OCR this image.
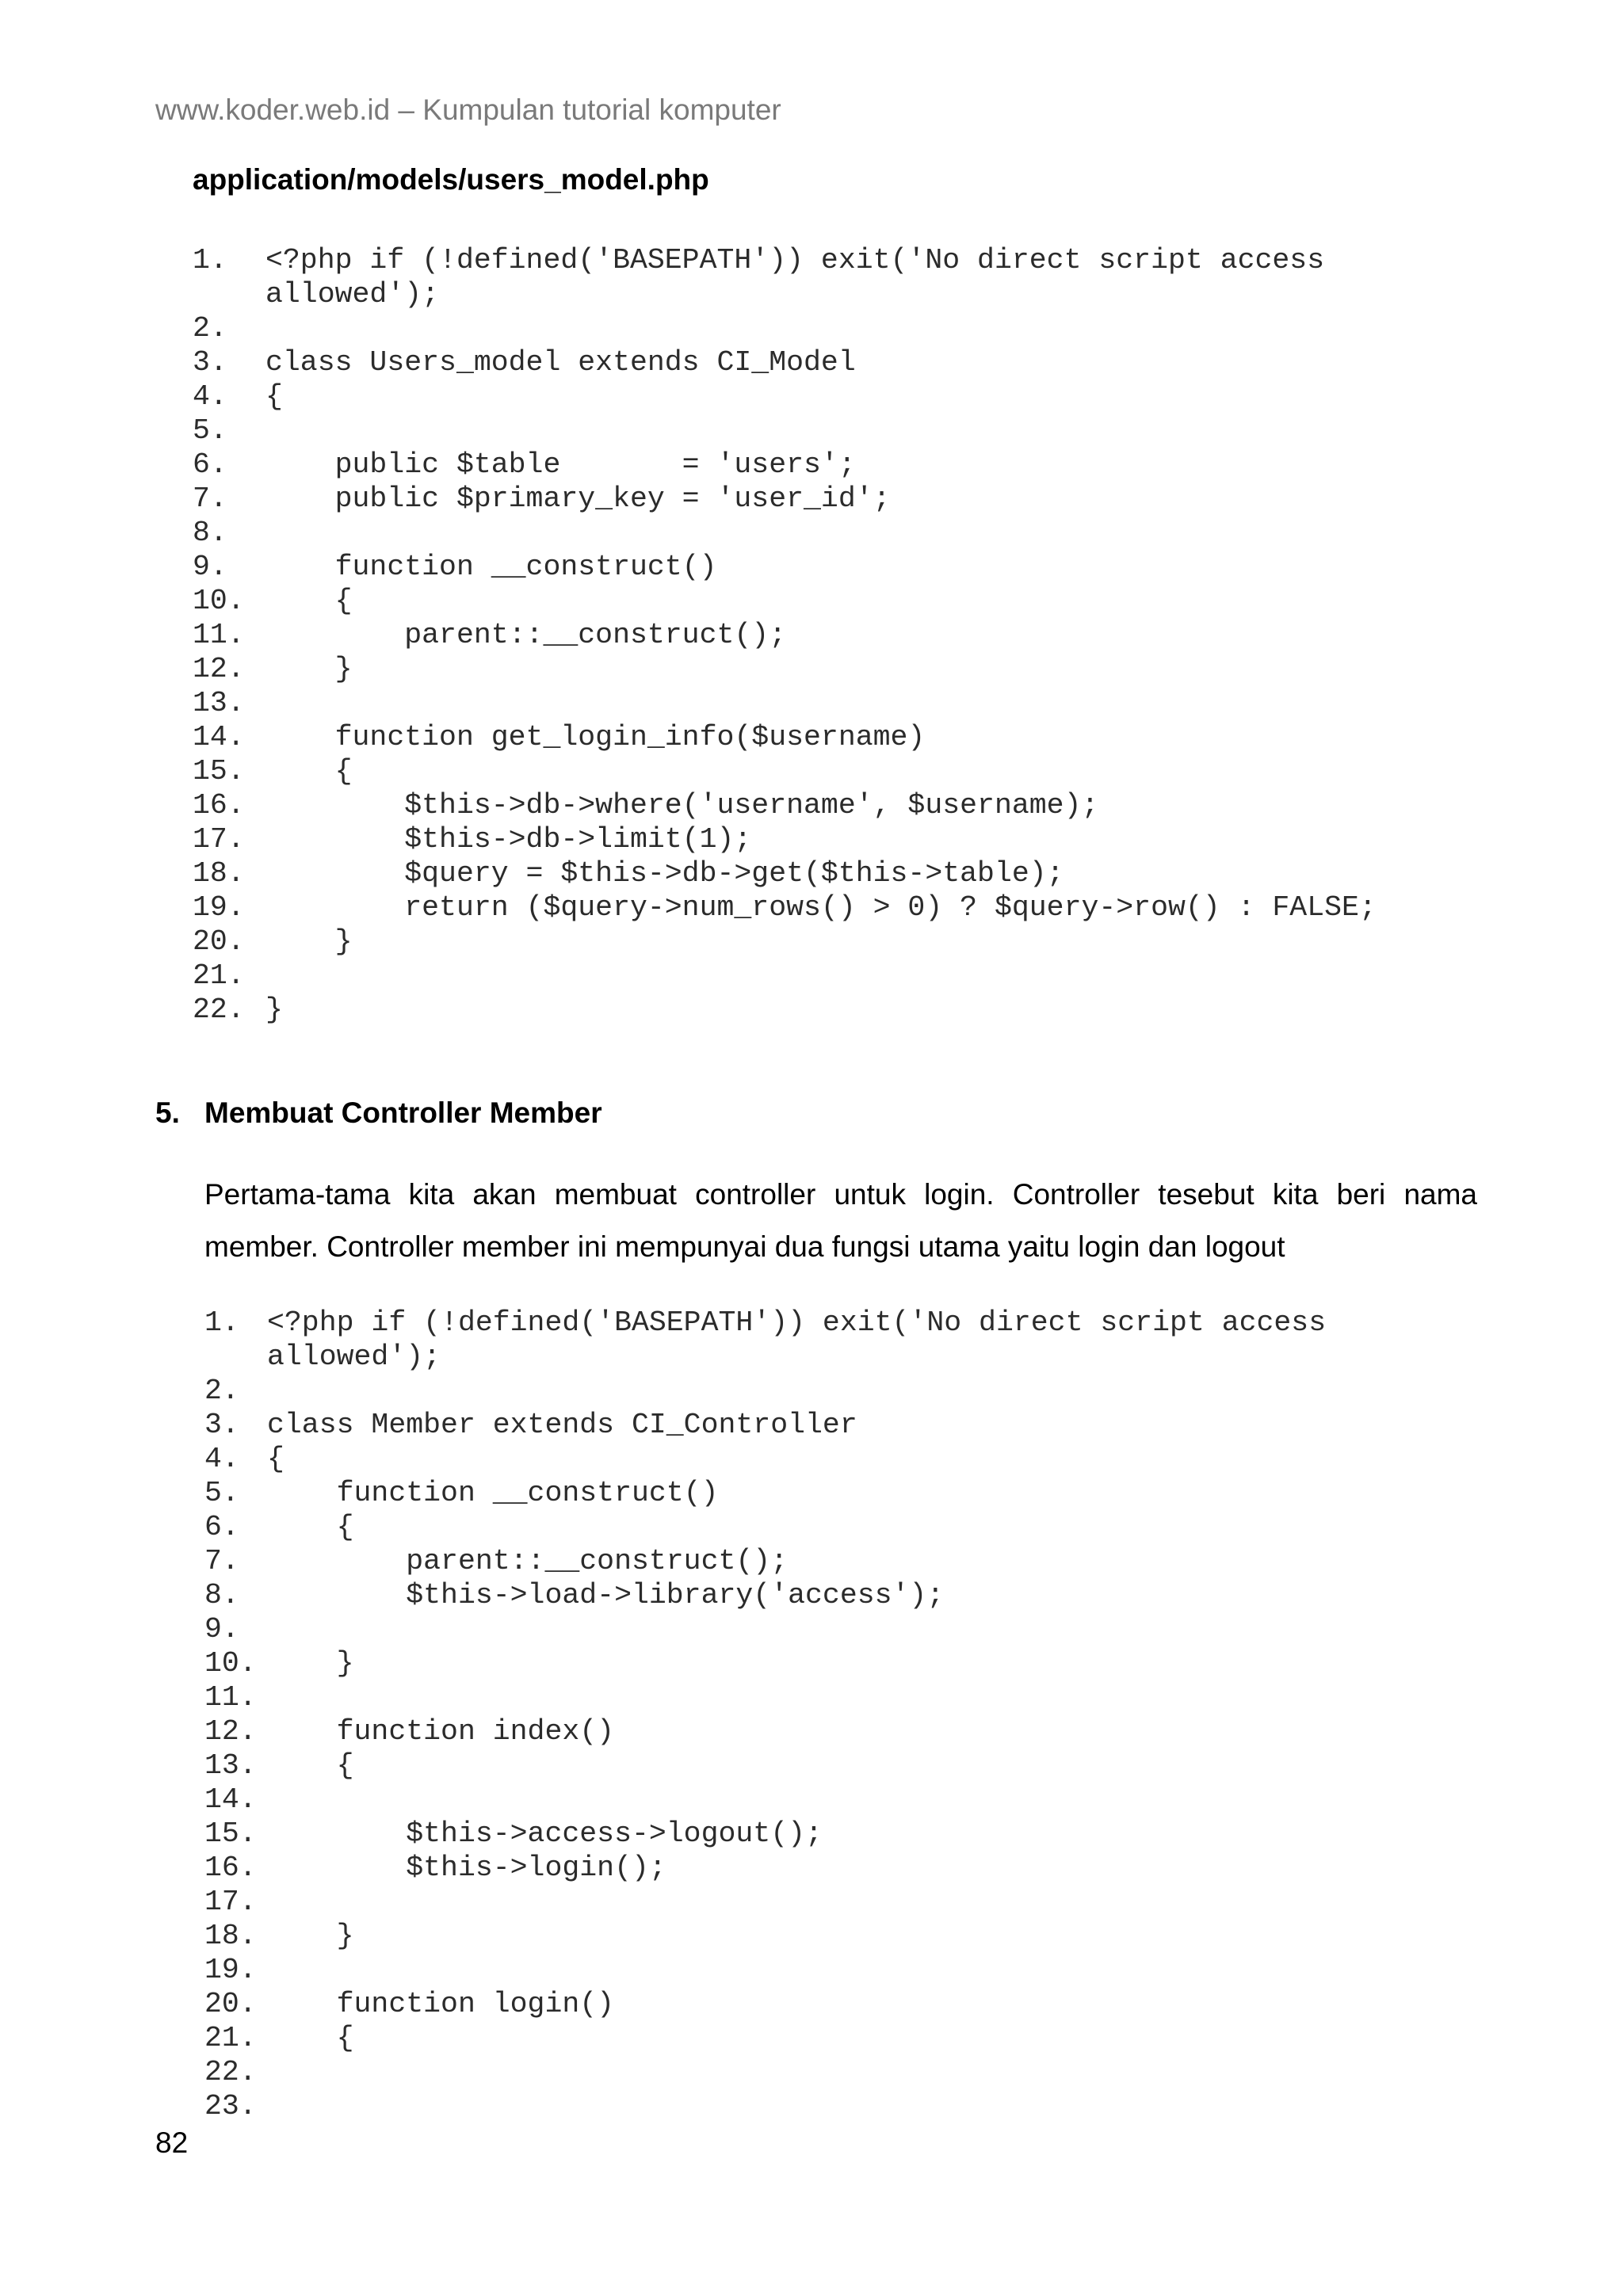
www.koder.web.id – Kumpulan tutorial komputer
application/models/users_model.php
1. <?php if (!defined('BASEPATH')) exit('No direct script access
allowed');
2.
3. class Users_model extends CI_Model
4. {
5.
6.    public $table       = 'users';
7.    public $primary_key = 'user_id';
8.
9.    function __construct()
10.    {
11.        parent::__construct();
12.    }
13.
14.    function get_login_info($username)
15.    {
16.        $this->db->where('username', $username);
17.        $this->db->limit(1);
18.        $query = $this->db->get($this->table);
19.        return ($query->num_rows() > 0) ? $query->row() : FALSE;
20.    }
21.
22. }
5. Membuat Controller Member

Pertama-tama kita akan membuat controller untuk login. Controller tesebut kita beri nama member. Controller member ini mempunyai dua fungsi utama yaitu login dan logout

1. <?php if (!defined('BASEPATH')) exit('No direct script access
allowed');
2.
3. class Member extends CI_Controller
4. {
5.    function __construct()
6.    {
7.        parent::__construct();
8.        $this->load->library('access');
9.
10.    }
11.
12.    function index()
13.    {
14.
15.        $this->access->logout();
16.        $this->login();
17.
18.    }
19.
20.    function login()
21.    {
22.
23.
82
